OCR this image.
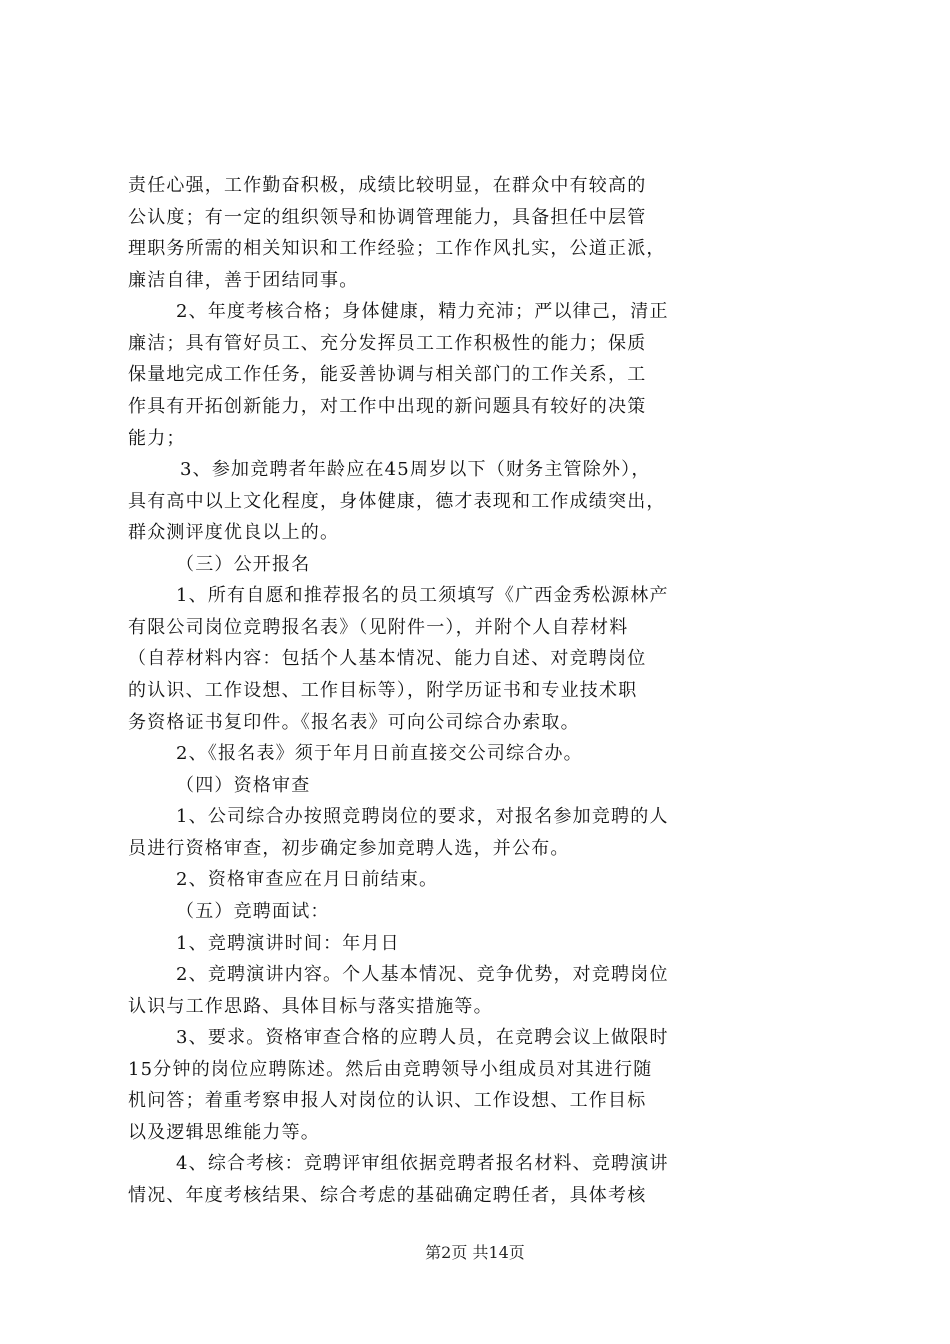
责任心强，工作勤奋积极，成绩比较明显，在群众中有较高的
公认度；有一定的组织领导和协调管理能力，具备担任中层管
理职务所需的相关知识和工作经验；工作作风扎实，公道正派，
廉洁自律，善于团结同事。
2、年度考核合格；身体健康，精力充沛；严以律己，清正
廉洁；具有管好员工、充分发挥员工工作积极性的能力；保质
保量地完成工作任务，能妥善协调与相关部门的工作关系，工
作具有开拓创新能力，对工作中出现的新问题具有较好的决策
能力；
3、参加竞聘者年龄应在45周岁以下（财务主管除外），
具有高中以上文化程度，身体健康，德才表现和工作成绩突出，
群众测评度优良以上的。
（三）公开报名
1、所有自愿和推荐报名的员工须填写《广西金秀松源林产
有限公司岗位竞聘报名表》（见附件一），并附个人自荐材料
（自荐材料内容：包括个人基本情况、能力自述、对竞聘岗位
的认识、工作设想、工作目标等），附学历证书和专业技术职
务资格证书复印件。《报名表》可向公司综合办索取。
2、《报名表》须于年月日前直接交公司综合办。
（四）资格审查
1、公司综合办按照竞聘岗位的要求，对报名参加竞聘的人
员进行资格审查，初步确定参加竞聘人选，并公布。
2、资格审查应在月日前结束。
（五）竞聘面试：
1、竞聘演讲时间：年月日
2、竞聘演讲内容。个人基本情况、竞争优势，对竞聘岗位
认识与工作思路、具体目标与落实措施等。
3、要求。资格审查合格的应聘人员，在竞聘会议上做限时
15分钟的岗位应聘陈述。然后由竞聘领导小组成员对其进行随
机问答；着重考察申报人对岗位的认识、工作设想、工作目标
以及逻辑思维能力等。
4、综合考核：竞聘评审组依据竞聘者报名材料、竞聘演讲
情况、年度考核结果、综合考虑的基础确定聘任者，具体考核
第2页 共14页
